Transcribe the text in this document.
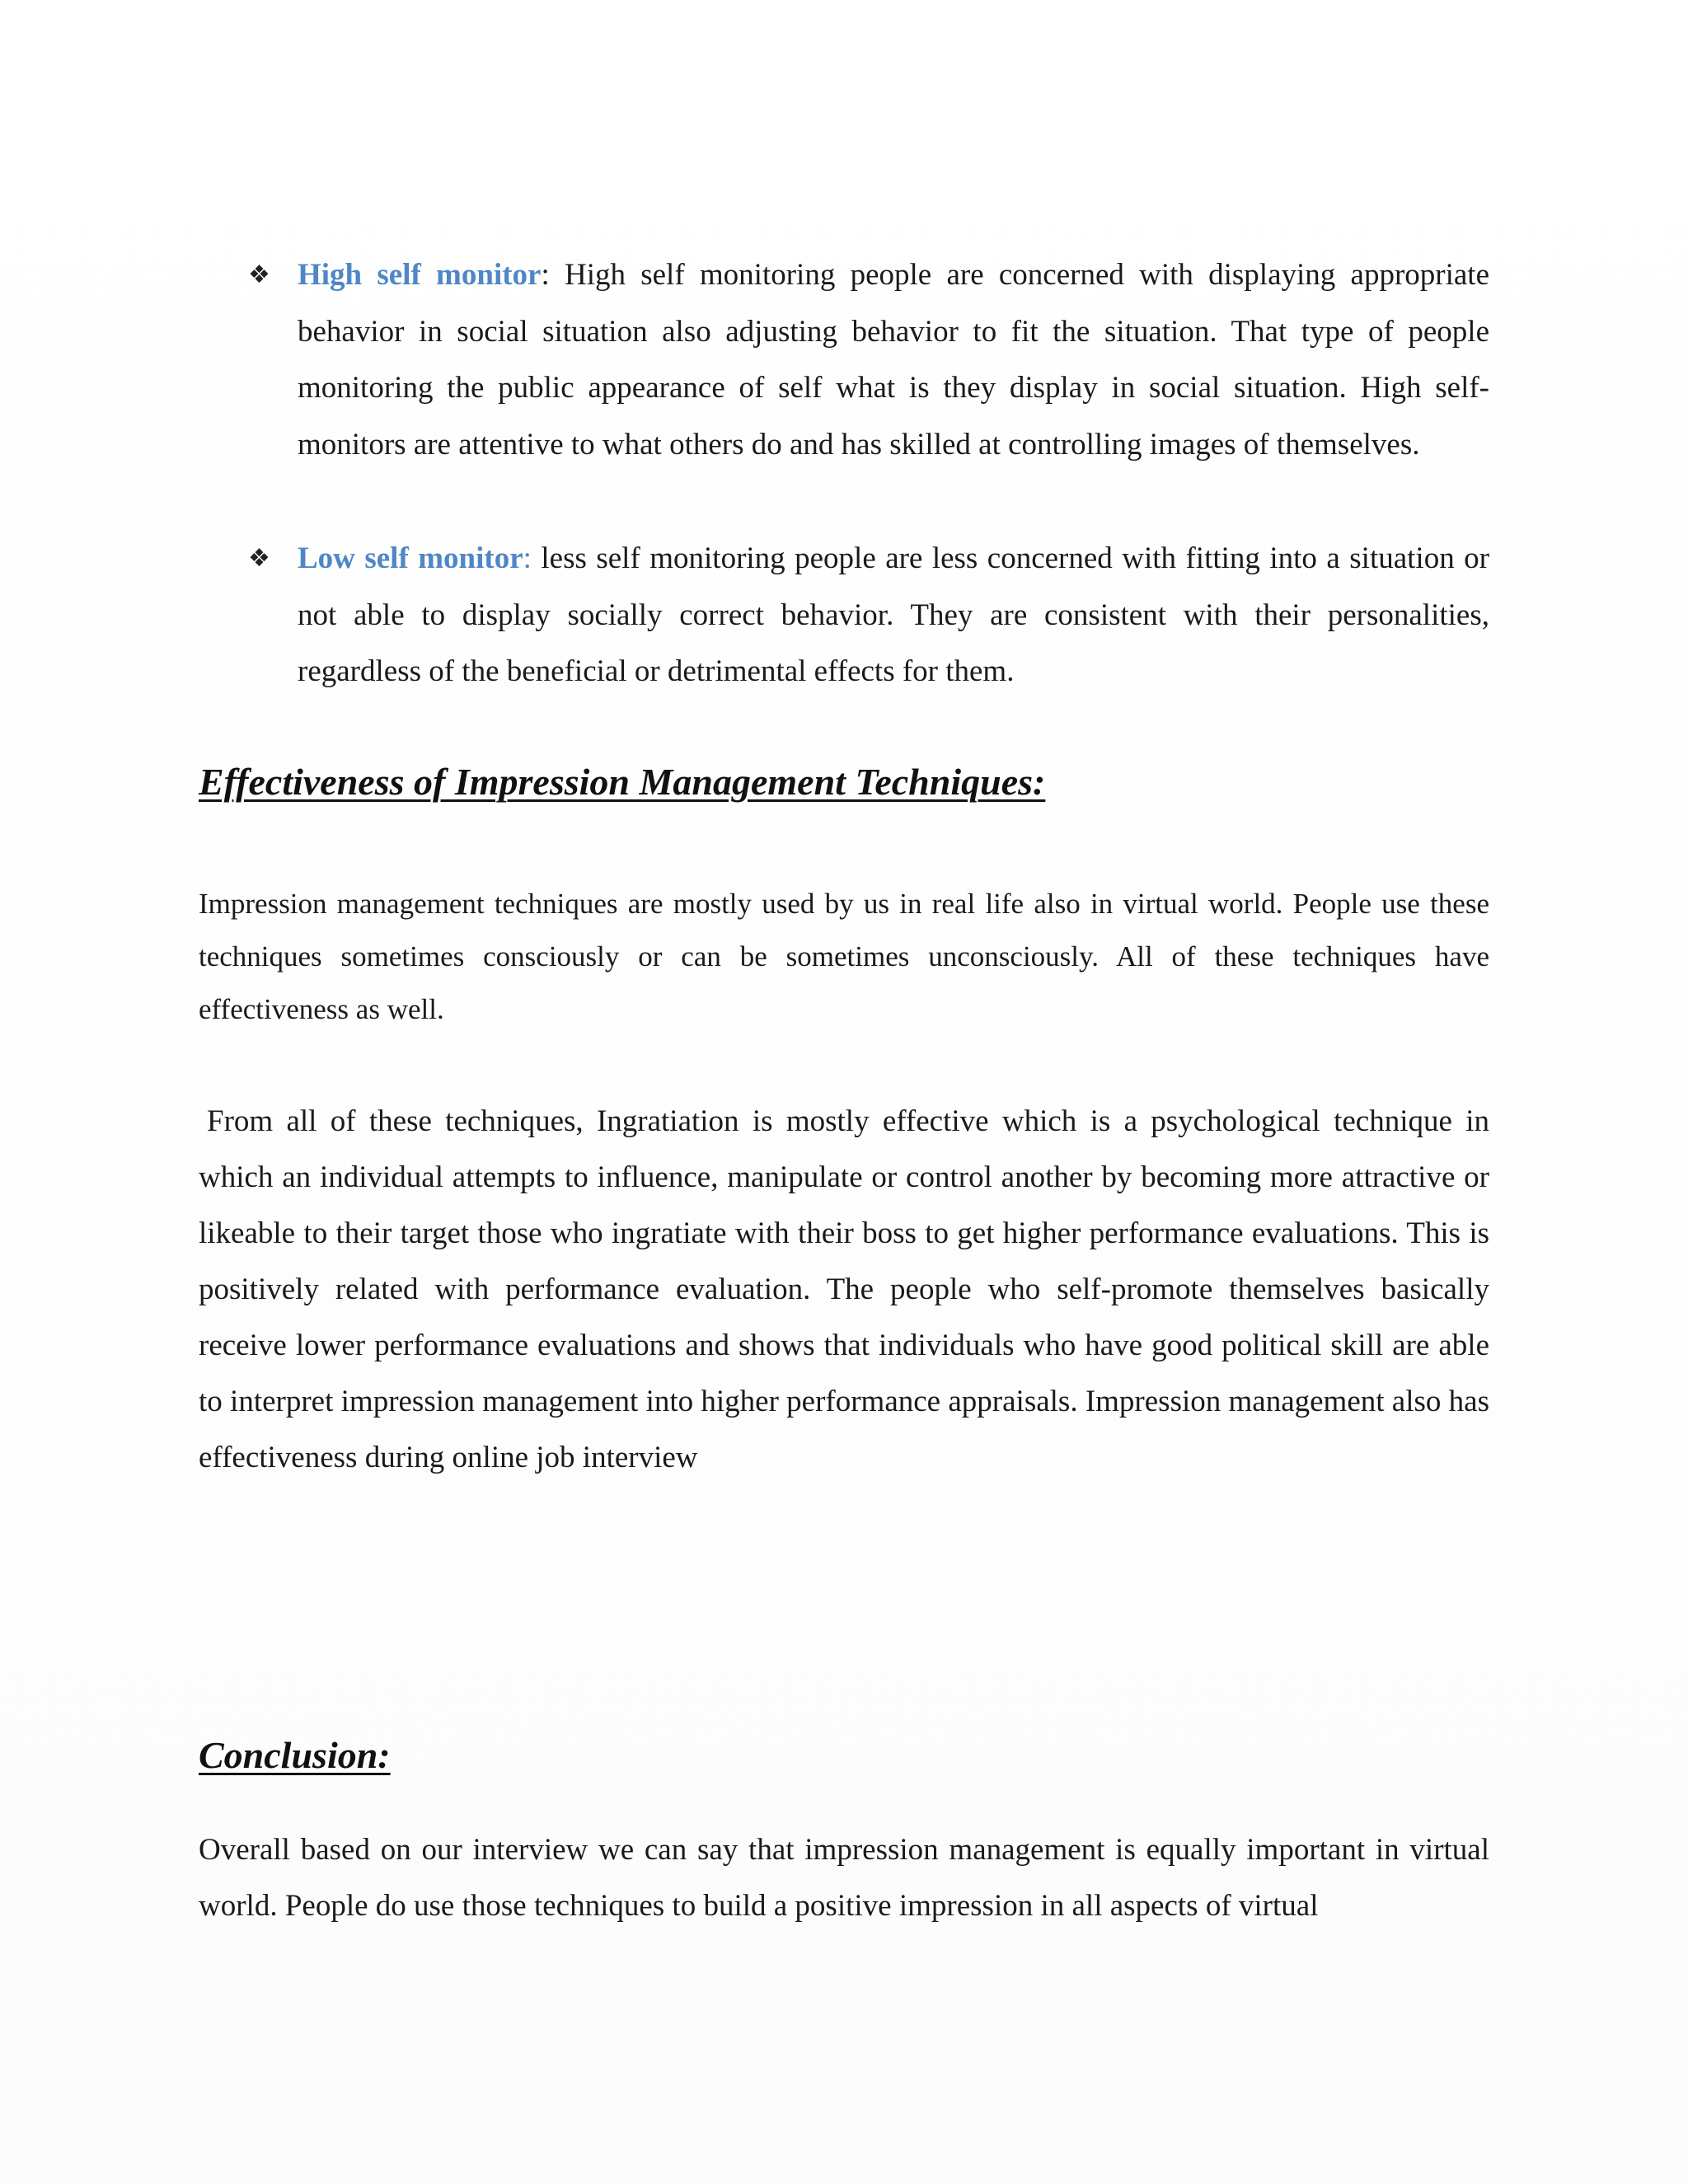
❖ High self monitor: High self monitoring people are concerned with displaying appropriate behavior in social situation also adjusting behavior to fit the situation. That type of people monitoring the public appearance of self what is they display in social situation. High self-monitors are attentive to what others do and has skilled at controlling images of themselves.
❖ Low self monitor: less self monitoring people are less concerned with fitting into a situation or not able to display socially correct behavior. They are consistent with their personalities, regardless of the beneficial or detrimental effects for them.
Effectiveness of Impression Management Techniques:

Impression management techniques are mostly used by us in real life also in virtual world. People use these techniques sometimes consciously or can be sometimes unconsciously. All of these techniques have effectiveness as well.

From all of these techniques, Ingratiation is mostly effective which is a psychological technique in which an individual attempts to influence, manipulate or control another by becoming more attractive or likeable to their target those who ingratiate with their boss to get higher performance evaluations. This is positively related with performance evaluation. The people who self-promote themselves basically receive lower performance evaluations and shows that individuals who have good political skill are able to interpret impression management into higher performance appraisals. Impression management also has effectiveness during online job interview

Conclusion:

Overall based on our interview we can say that impression management is equally important in virtual world. People do use those techniques to build a positive impression in all aspects of virtual
